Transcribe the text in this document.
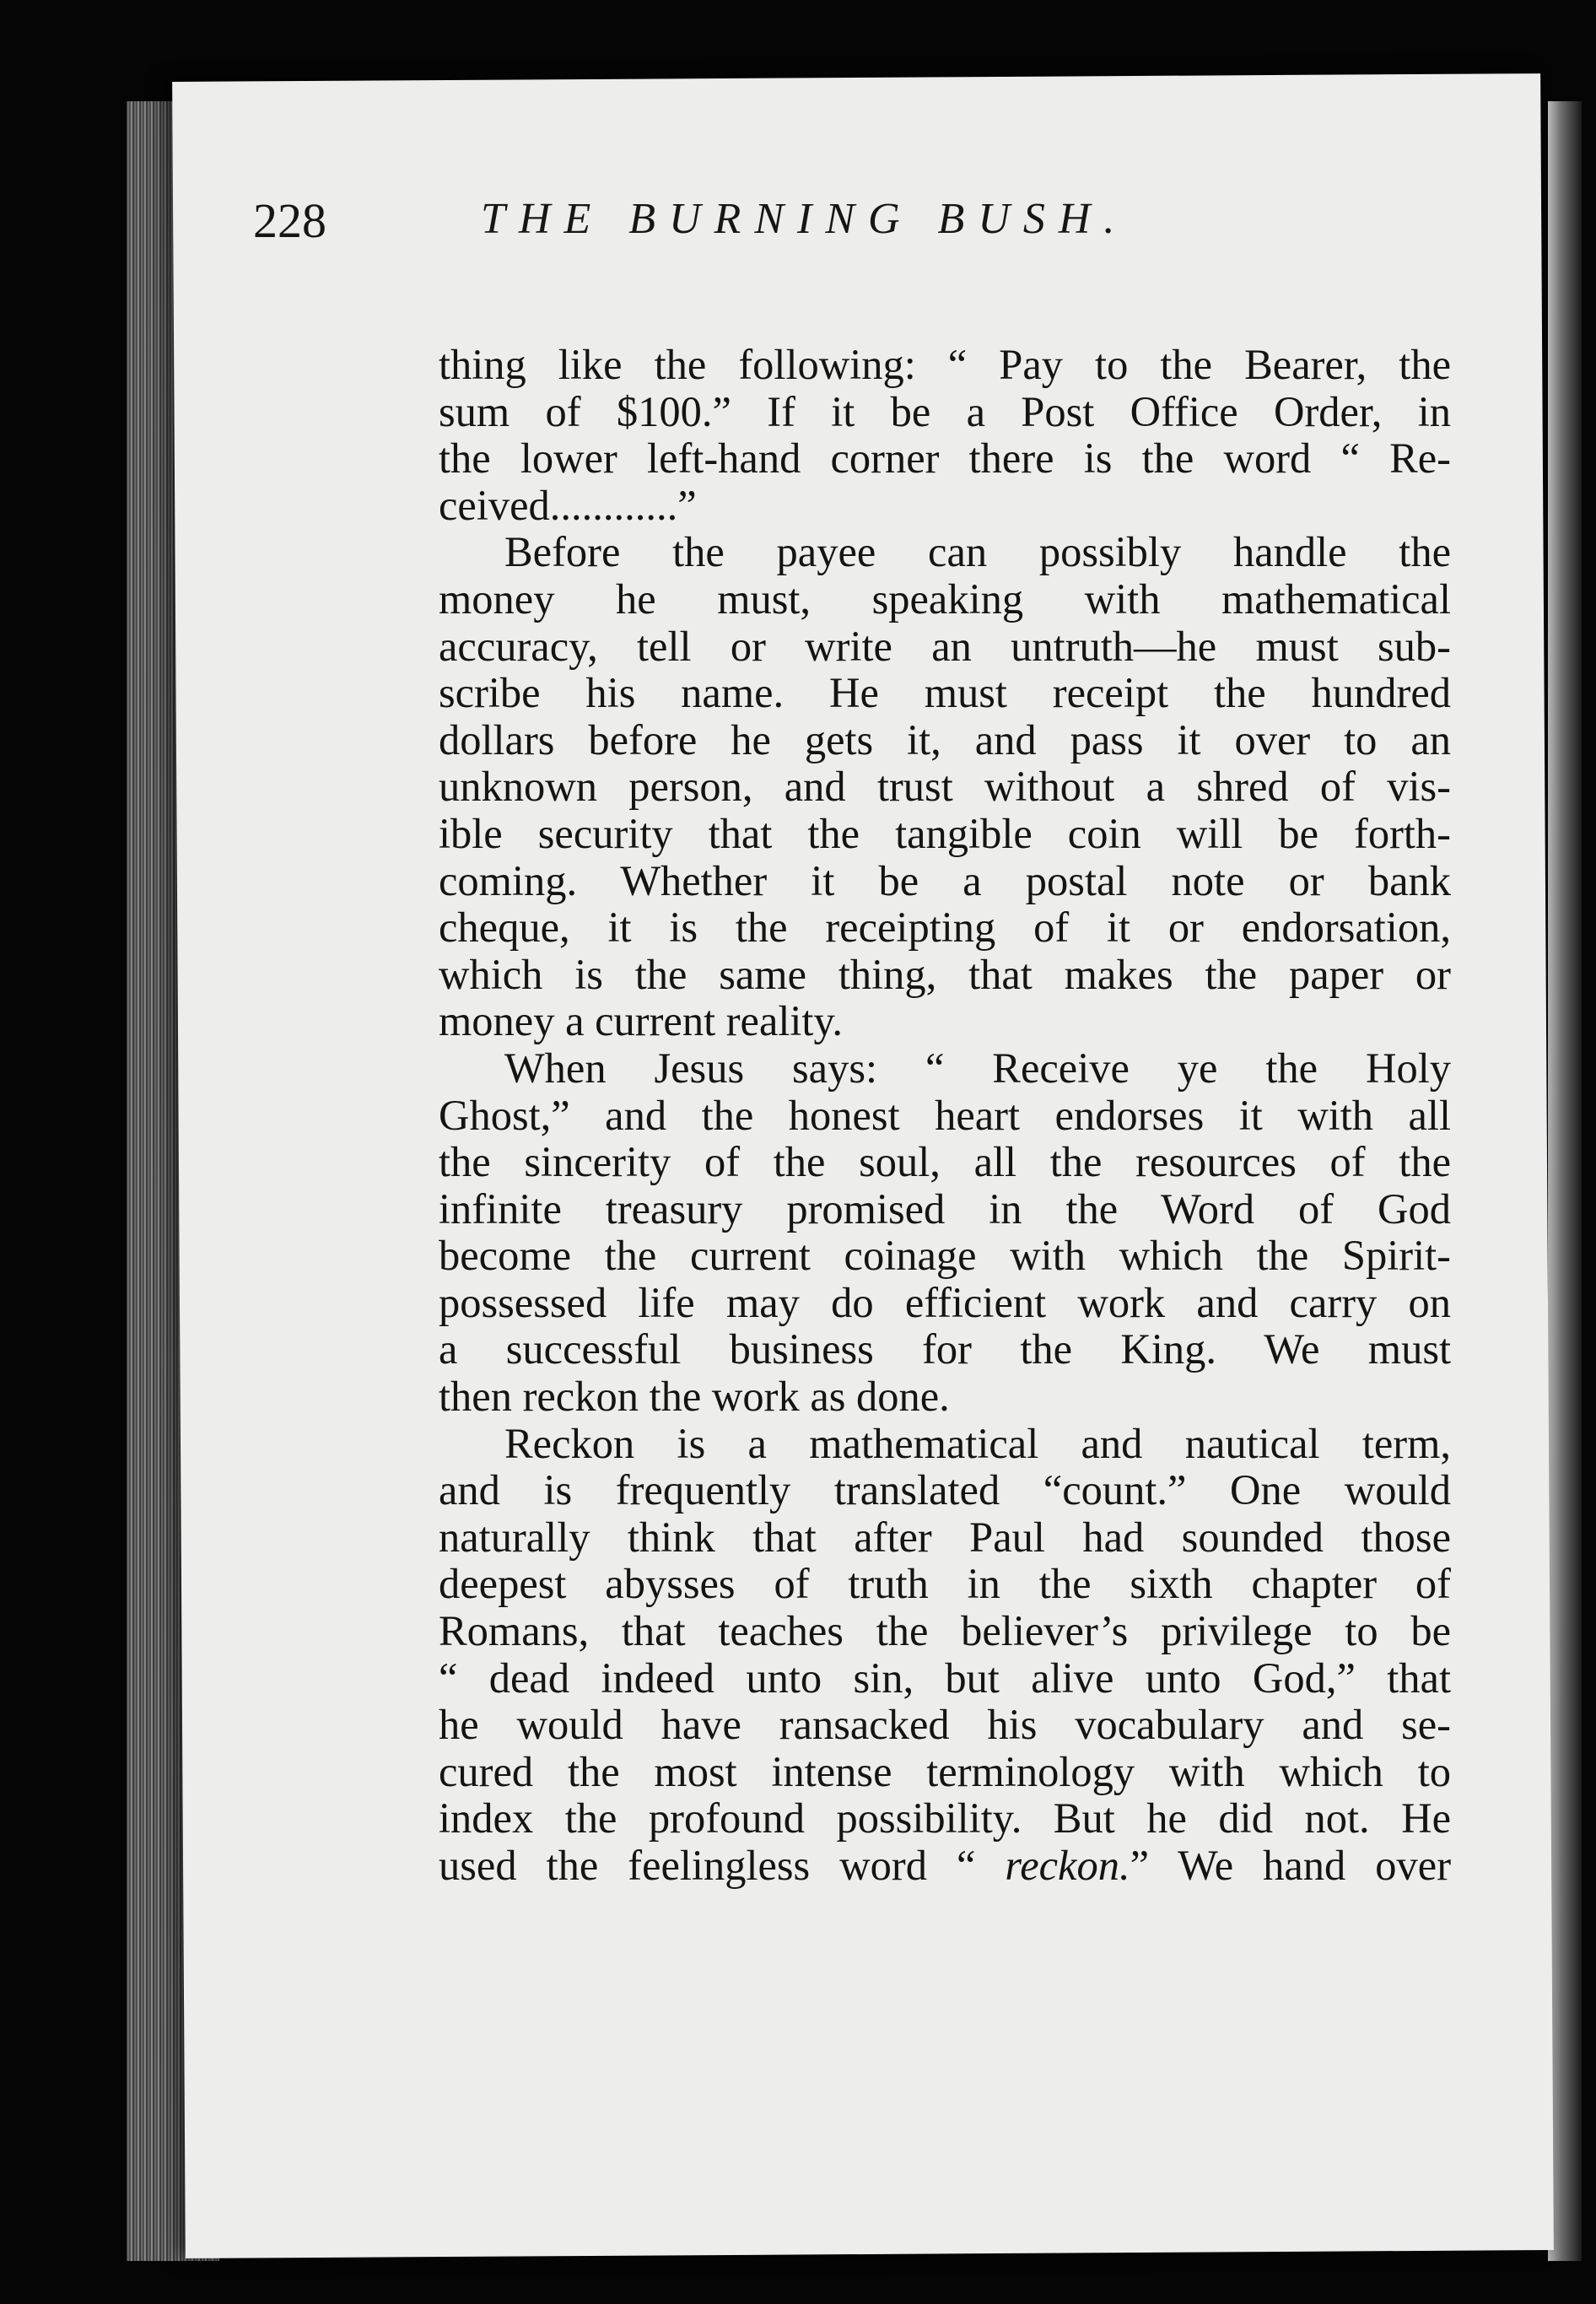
228	THE BURNING BUSH.
thing like the following: “ Pay to the Bearer, the
sum of $100.” If it be a Post Office Order, in
the lower left-hand corner there is the word “ Re-
ceived............”
Before the payee can possibly handle the
money he must, speaking with mathematical
accuracy, tell or write an untruth—he must sub-
scribe his name. He must receipt the hundred
dollars before he gets it, and pass it over to an
unknown person, and trust without a shred of vis-
ible security that the tangible coin will be forth-
coming. Whether it be a postal note or bank
cheque, it is the receipting of it or endorsation,
which is the same thing, that makes the paper or
money a current reality.
When Jesus says: “ Receive ye the Holy
Ghost,” and the honest heart endorses it with all
the sincerity of the soul, all the resources of the
infinite treasury promised in the Word of God
become the current coinage with which the Spirit-
possessed life may do efficient work and carry on
a successful business for the King. We must
then reckon the work as done.
Reckon is a mathematical and nautical term,
and is frequently translated “count.” One would
naturally think that after Paul had sounded those
deepest abysses of truth in the sixth chapter of
Romans, that teaches the believer’s privilege to be
“ dead indeed unto sin, but alive unto God,” that
he would have ransacked his vocabulary and se-
cured the most intense terminology with which to
index the profound possibility. But he did not. He
used the feelingless word “ reckon.” We hand over
